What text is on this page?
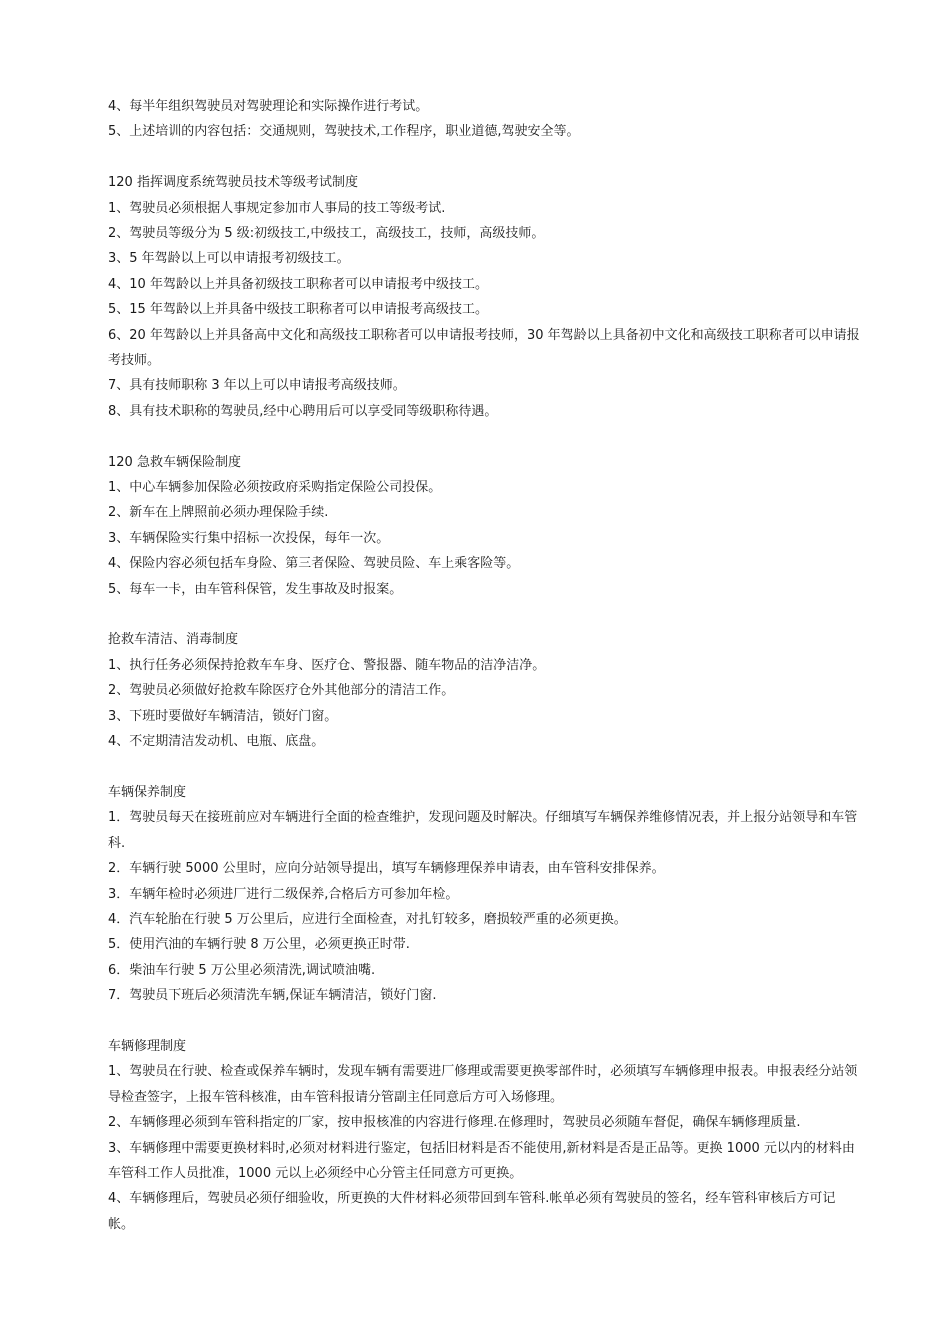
4、每半年组织驾驶员对驾驶理论和实际操作进行考试。

5、上述培训的内容包括：交通规则，驾驶技术,工作程序，职业道德,驾驶安全等。

120 指挥调度系统驾驶员技术等级考试制度

1、驾驶员必须根据人事规定参加市人事局的技工等级考试.

2、驾驶员等级分为 5 级:初级技工,中级技工，高级技工，技师，高级技师。

3、5 年驾龄以上可以申请报考初级技工。

4、10 年驾龄以上并具备初级技工职称者可以申请报考中级技工。

5、15 年驾龄以上并具备中级技工职称者可以申请报考高级技工。

6、20 年驾龄以上并具备高中文化和高级技工职称者可以申请报考技师，30 年驾龄以上具备初中文化和高级技工职称者可以申请报考技师。

7、具有技师职称 3 年以上可以申请报考高级技师。

8、具有技术职称的驾驶员,经中心聘用后可以享受同等级职称待遇。

120 急救车辆保险制度

1、中心车辆参加保险必须按政府采购指定保险公司投保。

2、新车在上牌照前必须办理保险手续.

3、车辆保险实行集中招标一次投保，每年一次。

4、保险内容必须包括车身险、第三者保险、驾驶员险、车上乘客险等。

5、每车一卡，由车管科保管，发生事故及时报案。

抢救车清洁、消毒制度

1、执行任务必须保持抢救车车身、医疗仓、警报器、随车物品的洁净洁净。

2、驾驶员必须做好抢救车除医疗仓外其他部分的清洁工作。

3、下班时要做好车辆清洁，锁好门窗。

4、不定期清洁发动机、电瓶、底盘。

车辆保养制度

1．驾驶员每天在接班前应对车辆进行全面的检查维护，发现问题及时解决。仔细填写车辆保养维修情况表，并上报分站领导和车管科.

2．车辆行驶 5000 公里时，应向分站领导提出，填写车辆修理保养申请表，由车管科安排保养。

3．车辆年检时必须进厂进行二级保养,合格后方可参加年检。

4．汽车轮胎在行驶 5 万公里后，应进行全面检查，对扎钉较多，磨损较严重的必须更换。

5．使用汽油的车辆行驶 8 万公里，必须更换正时带.

6．柴油车行驶 5 万公里必须清洗,调试喷油嘴.

7．驾驶员下班后必须清洗车辆,保证车辆清洁，锁好门窗.

车辆修理制度

1、驾驶员在行驶、检查或保养车辆时，发现车辆有需要进厂修理或需要更换零部件时，必须填写车辆修理申报表。申报表经分站领导检查签字，上报车管科核准，由车管科报请分管副主任同意后方可入场修理。

2、车辆修理必须到车管科指定的厂家，按申报核准的内容进行修理.在修理时，驾驶员必须随车督促，确保车辆修理质量.

3、车辆修理中需要更换材料时,必须对材料进行鉴定，包括旧材料是否不能使用,新材料是否是正品等。更换 1000 元以内的材料由车管科工作人员批准，1000 元以上必须经中心分管主任同意方可更换。

4、车辆修理后，驾驶员必须仔细验收，所更换的大件材料必须带回到车管科.帐单必须有驾驶员的签名，经车管科审核后方可记帐。
